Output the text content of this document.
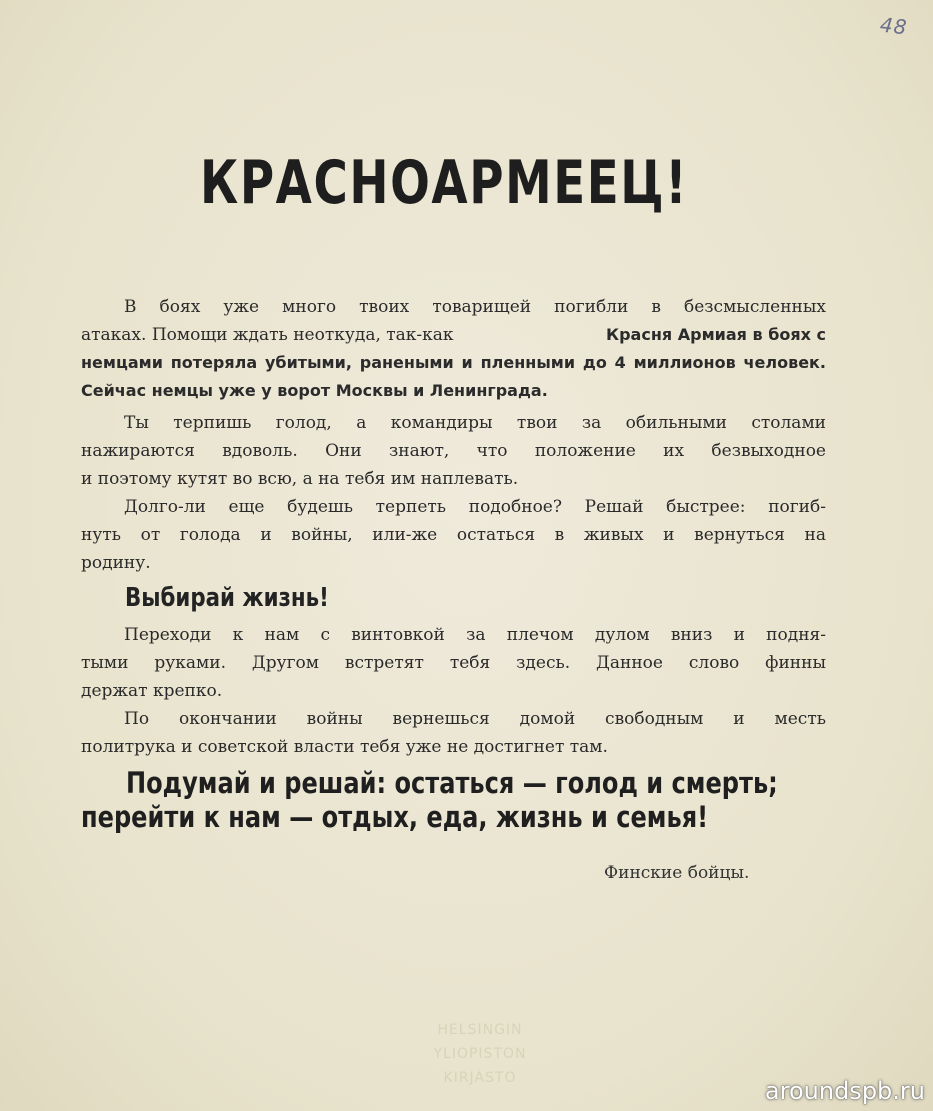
48
КРАСНОАРМЕЕЦ!
В боях уже много твоих товарищей погибли в безсмысленных
атаках. Помощи ждать неоткуда, так-как	Красня Армиая в боях с
немцами потеряла убитыми, ранеными и пленными до 4 миллионов человек.
Сейчас немцы уже у ворот Москвы и Ленинграда.
Ты терпишь голод, а командиры твои за обильными столами
нажираются вдоволь. Они знают, что положение их безвыходное
и поэтому кутят во всю, а на тебя им наплевать.
Долго-ли еще будешь терпеть подобное? Решай быстрее: погиб-
нуть от голода и войны, или-же остаться в живых и вернуться на
родину.
Выбирай жизнь!
Переходи к нам с винтовкой за плечом дулом вниз и подня-
тыми руками. Другом встретят тебя здесь. Данное слово финны
держат крепко.
По окончании войны вернешься домой свободным и месть
политрука и советской власти тебя уже не достигнет там.
Подумай и решай: остаться — голод и смерть;
перейти к нам — отдых, еда, жизнь и семья!
Финские бойцы.
HELSINGIN
YLIOPISTON
KIRJASTO	aroundspb.ru
